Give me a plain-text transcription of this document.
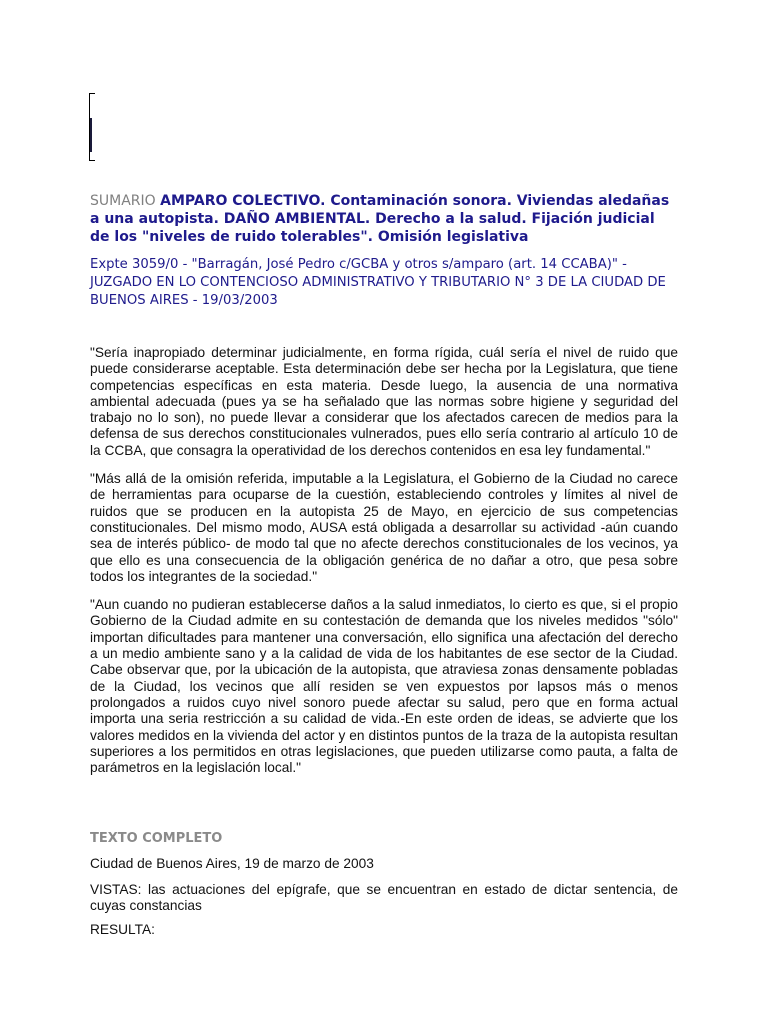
SUMARIO AMPARO COLECTIVO. Contaminación sonora. Viviendas aledañas a una autopista. DAÑO AMBIENTAL. Derecho a la salud. Fijación judicial de los "niveles de ruido tolerables". Omisión legislativa

Expte 3059/0 - "Barragán, José Pedro c/GCBA y otros s/amparo (art. 14 CCABA)" - JUZGADO EN LO CONTENCIOSO ADMINISTRATIVO Y TRIBUTARIO N° 3 DE LA CIUDAD DE BUENOS AIRES - 19/03/2003

"Sería inapropiado determinar judicialmente, en forma rígida, cuál sería el nivel de ruido que puede considerarse aceptable. Esta determinación debe ser hecha por la Legislatura, que tiene competencias específicas en esta materia. Desde luego, la ausencia de una normativa ambiental adecuada (pues ya se ha señalado que las normas sobre higiene y seguridad del trabajo no lo son), no puede llevar a considerar que los afectados carecen de medios para la defensa de sus derechos constitucionales vulnerados, pues ello sería contrario al artículo 10 de la CCBA, que consagra la operatividad de los derechos contenidos en esa ley fundamental."

"Más allá de la omisión referida, imputable a la Legislatura, el Gobierno de la Ciudad no carece de herramientas para ocuparse de la cuestión, estableciendo controles y límites al nivel de ruidos que se producen en la autopista 25 de Mayo, en ejercicio de sus competencias constitucionales. Del mismo modo, AUSA está obligada a desarrollar su actividad -aún cuando sea de interés público- de modo tal que no afecte derechos constitucionales de los vecinos, ya que ello es una consecuencia de la obligación genérica de no dañar a otro, que pesa sobre todos los integrantes de la sociedad."

"Aun cuando no pudieran establecerse daños a la salud inmediatos, lo cierto es que, si el propio Gobierno de la Ciudad admite en su contestación de demanda que los niveles medidos "sólo" importan dificultades para mantener una conversación, ello significa una afectación del derecho a un medio ambiente sano y a la calidad de vida de los habitantes de ese sector de la Ciudad. Cabe observar que, por la ubicación de la autopista, que atraviesa zonas densamente pobladas de la Ciudad, los vecinos que allí residen se ven expuestos por lapsos más o menos prolongados a ruidos cuyo nivel sonoro puede afectar su salud, pero que en forma actual importa una seria restricción a su calidad de vida.-En este orden de ideas, se advierte que los valores medidos en la vivienda del actor y en distintos puntos de la traza de la autopista resultan superiores a los permitidos en otras legislaciones, que pueden utilizarse como pauta, a falta de parámetros en la legislación local."

TEXTO COMPLETO

Ciudad de Buenos Aires, 19 de marzo de 2003

VISTAS: las actuaciones del epígrafe, que se encuentran en estado de dictar sentencia, de cuyas constancias

RESULTA:
